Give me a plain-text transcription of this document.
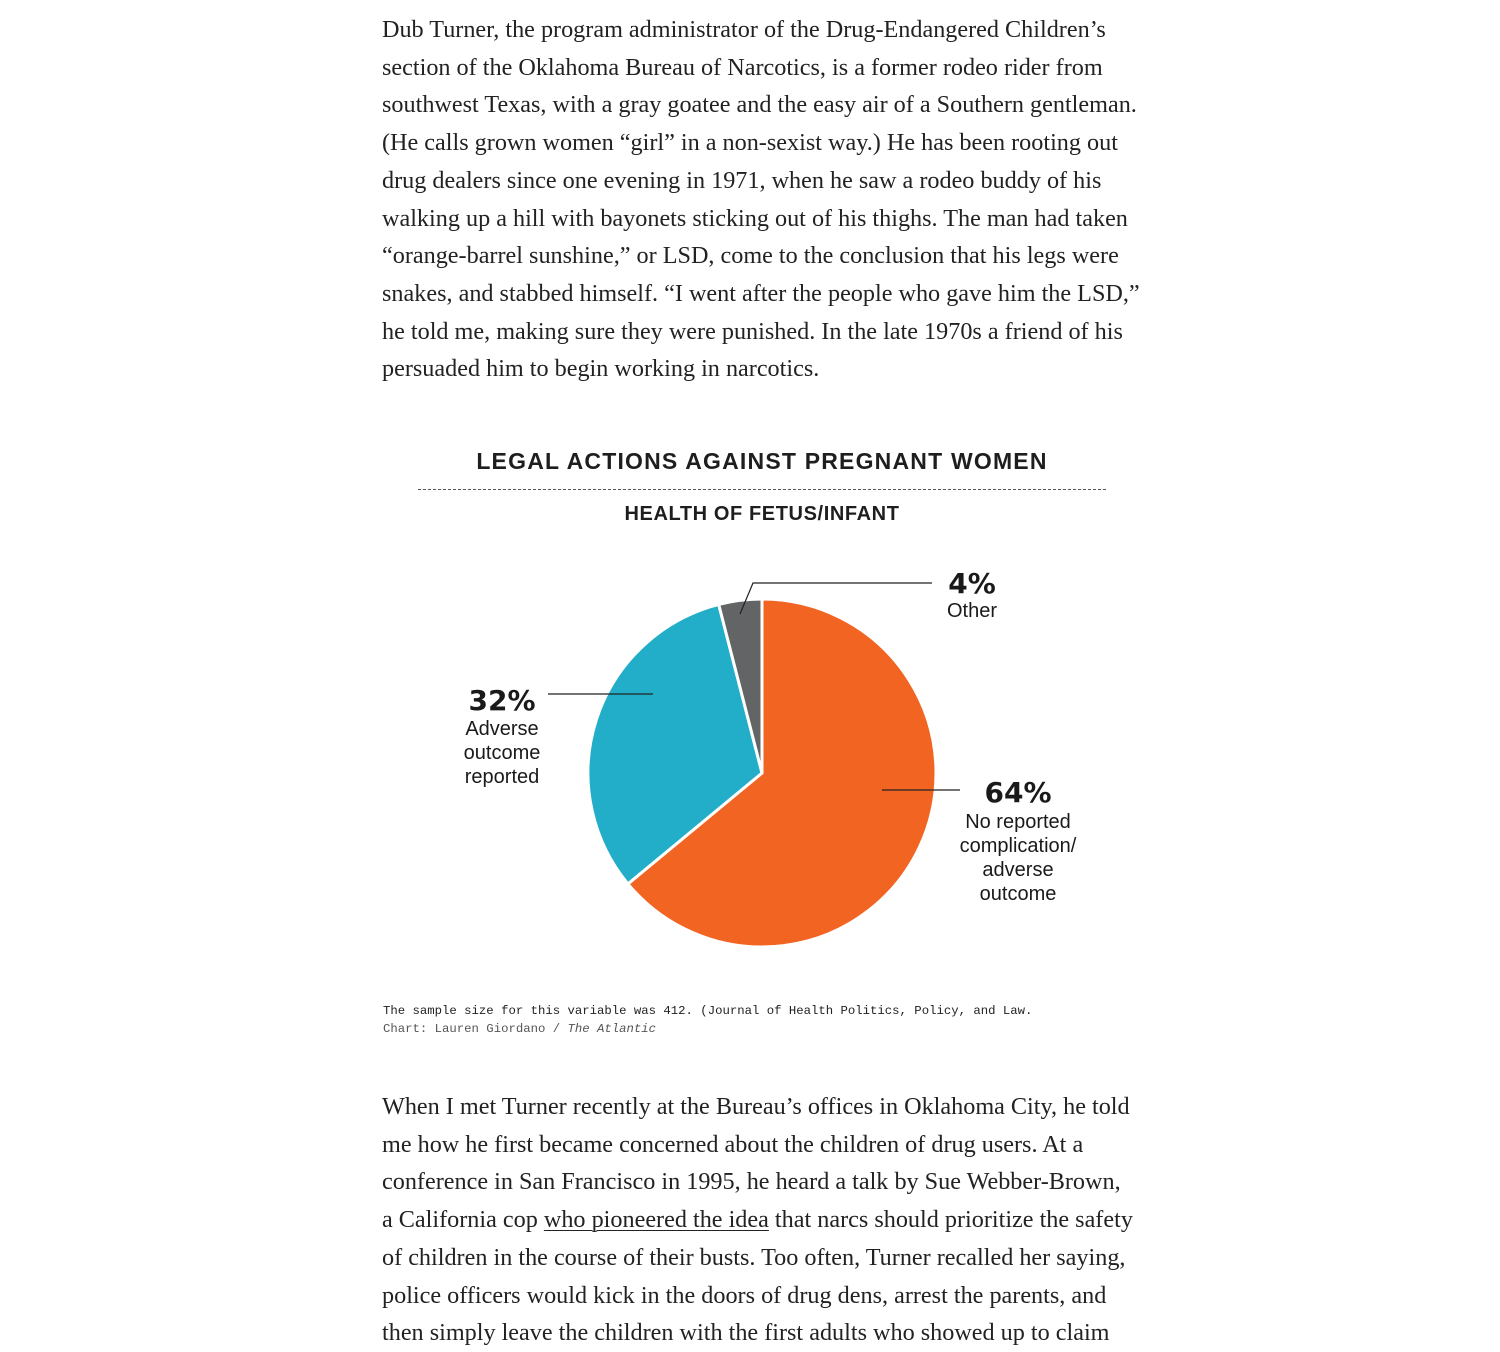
Dub Turner, the program administrator of the Drug-Endangered Children’s
section of the Oklahoma Bureau of Narcotics, is a former rodeo rider from
southwest Texas, with a gray goatee and the easy air of a Southern gentleman.
(He calls grown women “girl” in a non-sexist way.) He has been rooting out
drug dealers since one evening in 1971, when he saw a rodeo buddy of his
walking up a hill with bayonets sticking out of his thighs. The man had taken
“orange-barrel sunshine,” or LSD, come to the conclusion that his legs were
snakes, and stabbed himself. “I went after the people who gave him the LSD,”
he told me, making sure they were punished. In the late 1970s a friend of his
persuaded him to begin working in narcotics.
When I met Turner recently at the Bureau’s offices in Oklahoma City, he told
me how he first became concerned about the children of drug users. At a
conference in San Francisco in 1995, he heard a talk by Sue Webber-Brown,
a California cop who pioneered the idea that narcs should prioritize the safety
of children in the course of their busts. Too often, Turner recalled her saying,
police officers would kick in the doors of drug dens, arrest the parents, and
then simply leave the children with the first adults who showed up to claim
LEGAL ACTIONS AGAINST PREGNANT WOMEN
HEALTH OF FETUS/INFANT
64%
No reported
complication/
adverse
outcome
32%
Adverse
outcome
reported
4%
Other
The sample size for this variable was 412. (Journal of Health Politics, Policy, and Law.
Chart: Lauren Giordano / The Atlantic
